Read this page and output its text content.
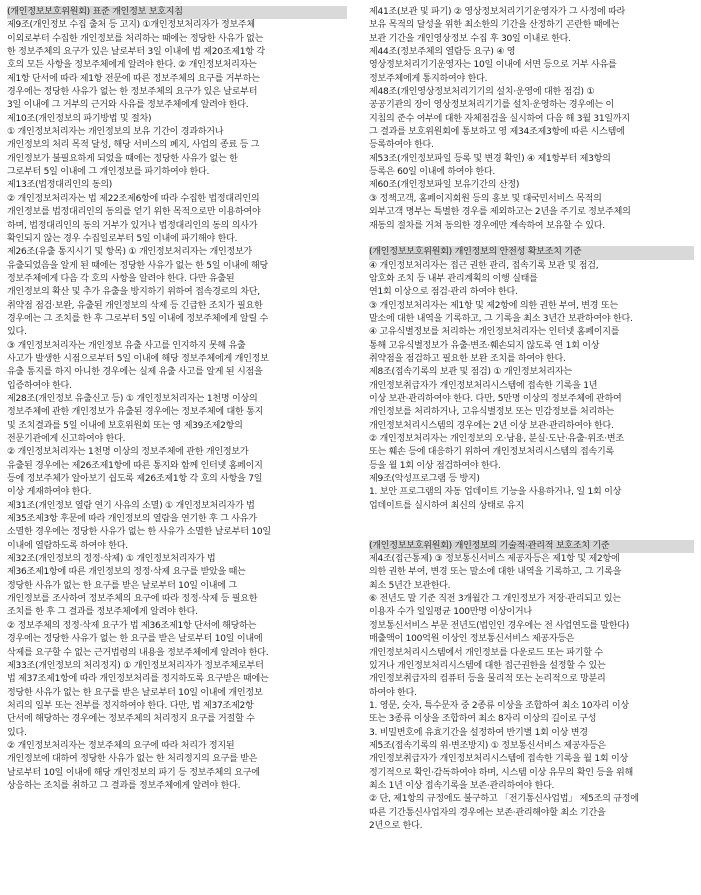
(개인정보보호위원회) 표준 개인정보 보호지침
제9조(개인정보 수집 출처 등 고지) ①개인정보처리자가 정보주체
이외로부터 수집한 개인정보를 처리하는 때에는 정당한 사유가 없는
한 정보주체의 요구가 있은 날로부터 3일 이내에 법 제20조제1항 각
호의 모든 사항을 정보주체에게 알려야 한다. ② 개인정보처리자는
제1항 단서에 따라 제1항 전문에 따른 정보주체의 요구를 거부하는
경우에는 정당한 사유가 없는 한 정보주체의 요구가 있은 날로부터
3일 이내에 그 거부의 근거와 사유를 정보주체에게 알려야 한다.
제10조(개인정보의 파기방법 및 절차)
① 개인정보처리자는 개인정보의 보유 기간이 경과하거나
개인정보의 처리 목적 달성, 해당 서비스의 폐지, 사업의 종료 등 그
개인정보가 불필요하게 되었을 때에는 정당한 사유가 없는 한
그로부터 5일 이내에 그 개인정보를 파기하여야 한다.
제13조(법정대리인의 동의)
② 개인정보처리자는 법 제22조제6항에 따라 수집한 법정대리인의
개인정보를 법정대리인의 동의를 얻기 위한 목적으로만 이용하여야
하며, 법정대리인의 동의 거부가 있거나 법정대리인의 동의 의사가
확인되지 않는 경우 수집일로부터 5일 이내에 파기해야 한다.
제26조(유출 통지시기 및 항목) ① 개인정보처리자는 개인정보가
유출되었음을 알게 된 때에는 정당한 사유가 없는 한 5일 이내에 해당
정보주체에게 다음 각 호의 사항을 알려야 한다. 다만 유출된
개인정보의 확산 및 추가 유출을 방지하기 위하여 접속경로의 차단,
취약점 점검·보완, 유출된 개인정보의 삭제 등 긴급한 조치가 필요한
경우에는 그 조치를 한 후 그로부터 5일 이내에 정보주체에게 알릴 수
있다.
③ 개인정보처리자는 개인정보 유출 사고를 인지하지 못해 유출
사고가 발생한 시점으로부터 5일 이내에 해당 정보주체에게 개인정보
유출 통지를 하지 아니한 경우에는 실제 유출 사고를 알게 된 시점을
입증하여야 한다.
제28조(개인정보 유출신고 등) ① 개인정보처리자는 1천명 이상의
정보주체에 관한 개인정보가 유출된 경우에는 정보주체에 대한 통지
및 조치결과를 5일 이내에 보호위원회 또는 영 제39조제2항의
전문기관에게 신고하여야 한다.
② 개인정보처리자는 1천명 이상의 정보주체에 관한 개인정보가
유출된 경우에는 제26조제1항에 따른 통지와 함께 인터넷 홈페이지
등에 정보주체가 알아보기 쉽도록 제26조제1항 각 호의 사항을 7일
이상 게재하여야 한다.
제31조(개인정보 열람 연기 사유의 소멸) ① 개인정보처리자가 법
제35조제3항 후문에 따라 개인정보의 열람을 연기한 후 그 사유가
소멸한 경우에는 정당한 사유가 없는 한 사유가 소멸한 날로부터 10일
이내에 열람하도록 하여야 한다.
제32조(개인정보의 정정·삭제) ① 개인정보처리자가 법
제36조제1항에 따른 개인정보의 정정·삭제 요구를 받았을 때는
정당한 사유가 없는 한 요구를 받은 날로부터 10일 이내에 그
개인정보를 조사하여 정보주체의 요구에 따라 정정·삭제 등 필요한
조치를 한 후 그 결과를 정보주체에게 알려야 한다.
② 정보주체의 정정·삭제 요구가 법 제36조제1항 단서에 해당하는
경우에는 정당한 사유가 없는 한 요구를 받은 날로부터 10일 이내에
삭제를 요구할 수 없는 근거법령의 내용을 정보주체에게 알려야 한다.
제33조(개인정보의 처리정지) ① 개인정보처리자가 정보주체로부터
법 제37조제1항에 따라 개인정보처리를 정지하도록 요구받은 때에는
정당한 사유가 없는 한 요구를 받은 날로부터 10일 이내에 개인정보
처리의 일부 또는 전부를 정지하여야 한다. 다만, 법 제37조제2항
단서에 해당하는 경우에는 정보주체의 처리정지 요구를 거절할 수
있다.
② 개인정보처리자는 정보주체의 요구에 따라 처리가 정지된
개인정보에 대하여 정당한 사유가 없는 한 처리정지의 요구를 받은
날로부터 10일 이내에 해당 개인정보의 파기 등 정보주체의 요구에
상응하는 조치를 취하고 그 결과를 정보주체에게 알려야 한다.
제41조(보관 및 파기) ② 영상정보처리기기운영자가 그 사정에 따라
보유 목적의 달성을 위한 최소한의 기간을 산정하기 곤란한 때에는
보관 기간을 개인영상정보 수집 후 30일 이내로 한다.
제44조(정보주체의 열람등 요구) ④ 영
영상정보처리기기운영자는 10일 이내에 서면 등으로 거부 사유를
정보주체에게 통지하여야 한다.
제48조(개인영상정보처리기기의 설치·운영에 대한 점검) ①
공공기관의 장이 영상정보처리기기를 설치·운영하는 경우에는 이
지침의 준수 여부에 대한 자체점검을 실시하여 다음 해 3월 31일까지
그 결과를 보호위원회에 통보하고 영 제34조제3항에 따른 시스템에
등록하여야 한다.
제53조(개인정보파일 등록 및 변경 확인) ④ 제1항부터 제3항의
등록은 60일 이내에 하여야 한다.
제60조(개인정보파일 보유기간의 산정)
③ 정책고객, 홈페이지회원 등의 홍보 및 대국민서비스 목적의
외부고객 명부는 특별한 경우를 제외하고는 2년을 주기로 정보주체의
재동의 절차를 거쳐 동의한 경우에만 계속하여 보유할 수 있다.
(개인정보보호위원회) 개인정보의 안전성 확보조치 기준
④ 개인정보처리자는 접근 권한 관리, 접속기록 보관 및 점검,
암호화 조치 등 내부 관리계획의 이행 실태를
연1회 이상으로 점검·관리 하여야 한다.
③ 개인정보처리자는 제1항 및 제2항에 의한 권한 부여, 변경 또는
말소에 대한 내역을 기록하고, 그 기록을 최소 3년간 보관하여야 한다.
④ 고유식별정보를 처리하는 개인정보처리자는 인터넷 홈페이지를
통해 고유식별정보가 유출·변조·훼손되지 않도록 연 1회 이상
취약점을 점검하고 필요한 보완 조치를 하여야 한다.
제8조(접속기록의 보관 및 점검) ① 개인정보처리자는
개인정보취급자가 개인정보처리시스템에 접속한 기록을 1년
이상 보관·관리하여야 한다. 다만, 5만명 이상의 정보주체에 관하여
개인정보를 처리하거나, 고유식별정보 또는 민감정보를 처리하는
개인정보처리시스템의 경우에는 2년 이상 보관·관리하여야 한다.
② 개인정보처리자는 개인정보의 오·남용, 분실·도난·유출·위조·변조
또는 훼손 등에 대응하기 위하여 개인정보처리시스템의 접속기록
등을 월 1회 이상 점검하여야 한다.
제9조(악성프로그램 등 방지)
1. 보안 프로그램의 자동 업데이트 기능을 사용하거나, 일 1회 이상
업데이트를 실시하여 최신의 상태로 유지
(개인정보보호위원회) 개인정보의 기술적·관리적 보호조치 기준
제4조(접근통제) ③ 정보통신서비스 제공자등은 제1항 및 제2항에
의한 권한 부여, 변경 또는 말소에 대한 내역을 기록하고, 그 기록을
최소 5년간 보관한다.
⑥ 전년도 말 기준 직전 3개월간 그 개인정보가 저장·관리되고 있는
이용자 수가 일일평균 100만명 이상이거나
정보통신서비스 부문 전년도(법인인 경우에는 전 사업연도를 말한다)
매출액이 100억원 이상인 정보통신서비스 제공자등은
개인정보처리시스템에서 개인정보를 다운로드 또는 파기할 수
있거나 개인정보처리시스템에 대한 접근권한을 설정할 수 있는
개인정보취급자의 컴퓨터 등을 물리적 또는 논리적으로 망분리
하여야 한다.
1. 영문, 숫자, 특수문자 중 2종류 이상을 조합하여 최소 10자리 이상
또는 3종류 이상을 조합하여 최소 8자리 이상의 길이로 구성
3. 비밀번호에 유효기간을 설정하여 반기별 1회 이상 변경
제5조(접속기록의 위·변조방지) ① 정보통신서비스 제공자등은
개인정보취급자가 개인정보처리시스템에 접속한 기록을 월 1회 이상
정기적으로 확인·감독하여야 하며, 시스템 이상 유무의 확인 등을 위해
최소 1년 이상 접속기록을 보존·관리하여야 한다.
② 단, 제1항의 규정에도 불구하고 「전기통신사업법」 제5조의 규정에
따른 기간통신사업자의 경우에는 보존·관리해야할 최소 기간을
2년으로 한다.
